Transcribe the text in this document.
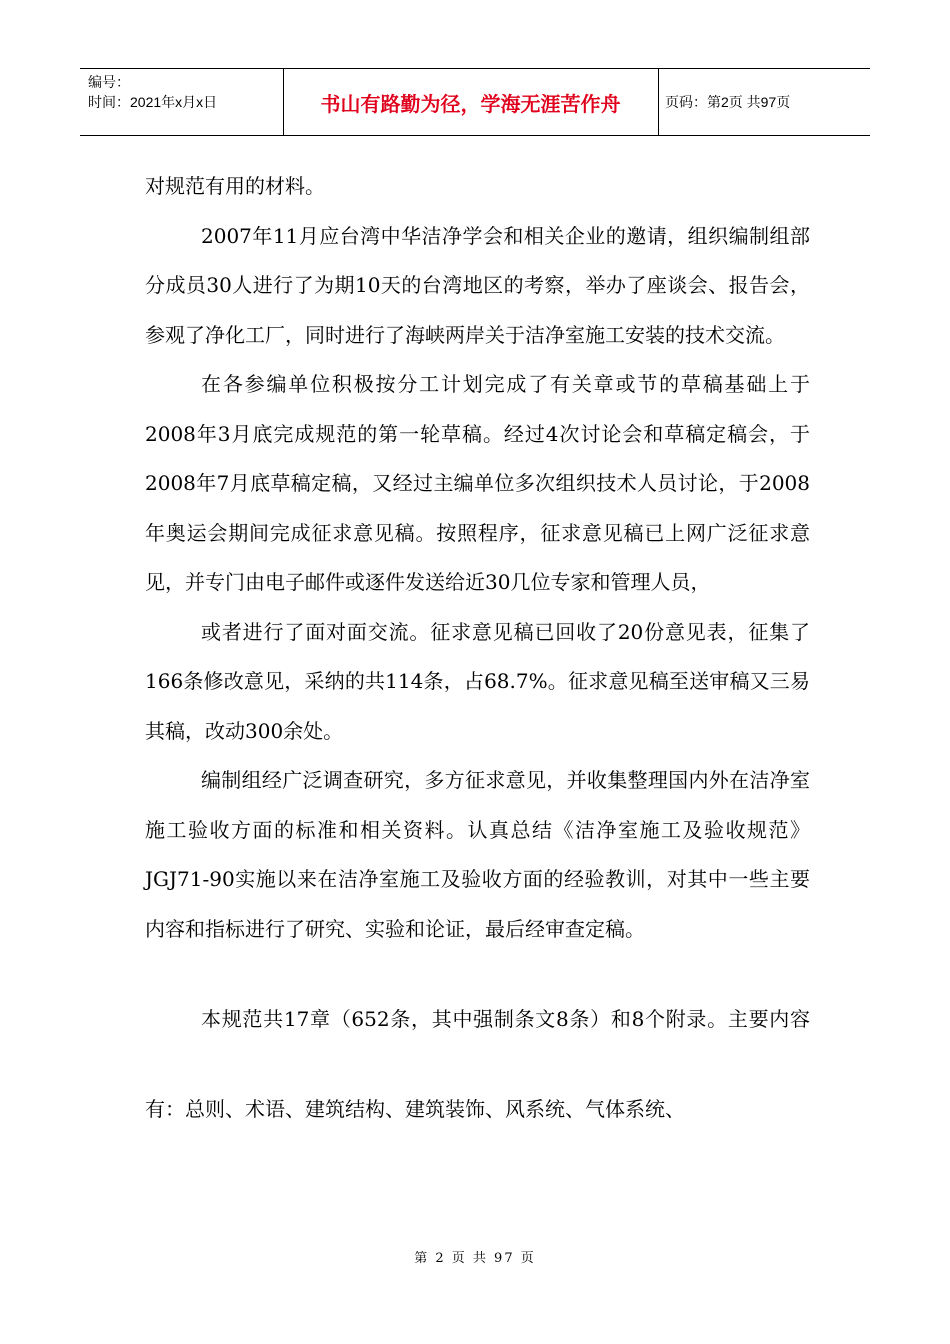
编号：
时间：2021年x月x日	书山有路勤为径，学海无涯苦作舟	页码：第2页 共97页

对规范有用的材料。

2007年11月应台湾中华洁净学会和相关企业的邀请，组织编制组部分成员30人进行了为期10天的台湾地区的考察，举办了座谈会、报告会，参观了净化工厂，同时进行了海峡两岸关于洁净室施工安装的技术交流。

在各参编单位积极按分工计划完成了有关章或节的草稿基础上于2008年3月底完成规范的第一轮草稿。经过4次讨论会和草稿定稿会，于2008年7月底草稿定稿，又经过主编单位多次组织技术人员讨论，于2008年奥运会期间完成征求意见稿。按照程序，征求意见稿已上网广泛征求意见，并专门由电子邮件或逐件发送给近30几位专家和管理人员，

或者进行了面对面交流。征求意见稿已回收了20份意见表，征集了166条修改意见，采纳的共114条，占68.7%。征求意见稿至送审稿又三易其稿，改动300余处。

编制组经广泛调查研究，多方征求意见，并收集整理国内外在洁净室施工验收方面的标准和相关资料。认真总结《洁净室施工及验收规范》JGJ71-90实施以来在洁净室施工及验收方面的经验教训，对其中一些主要内容和指标进行了研究、实验和论证，最后经审查定稿。

本规范共17章（652条，其中强制条文8条）和8个附录。主要内容有：总则、术语、建筑结构、建筑装饰、风系统、气体系统、

第 2 页 共 97 页
